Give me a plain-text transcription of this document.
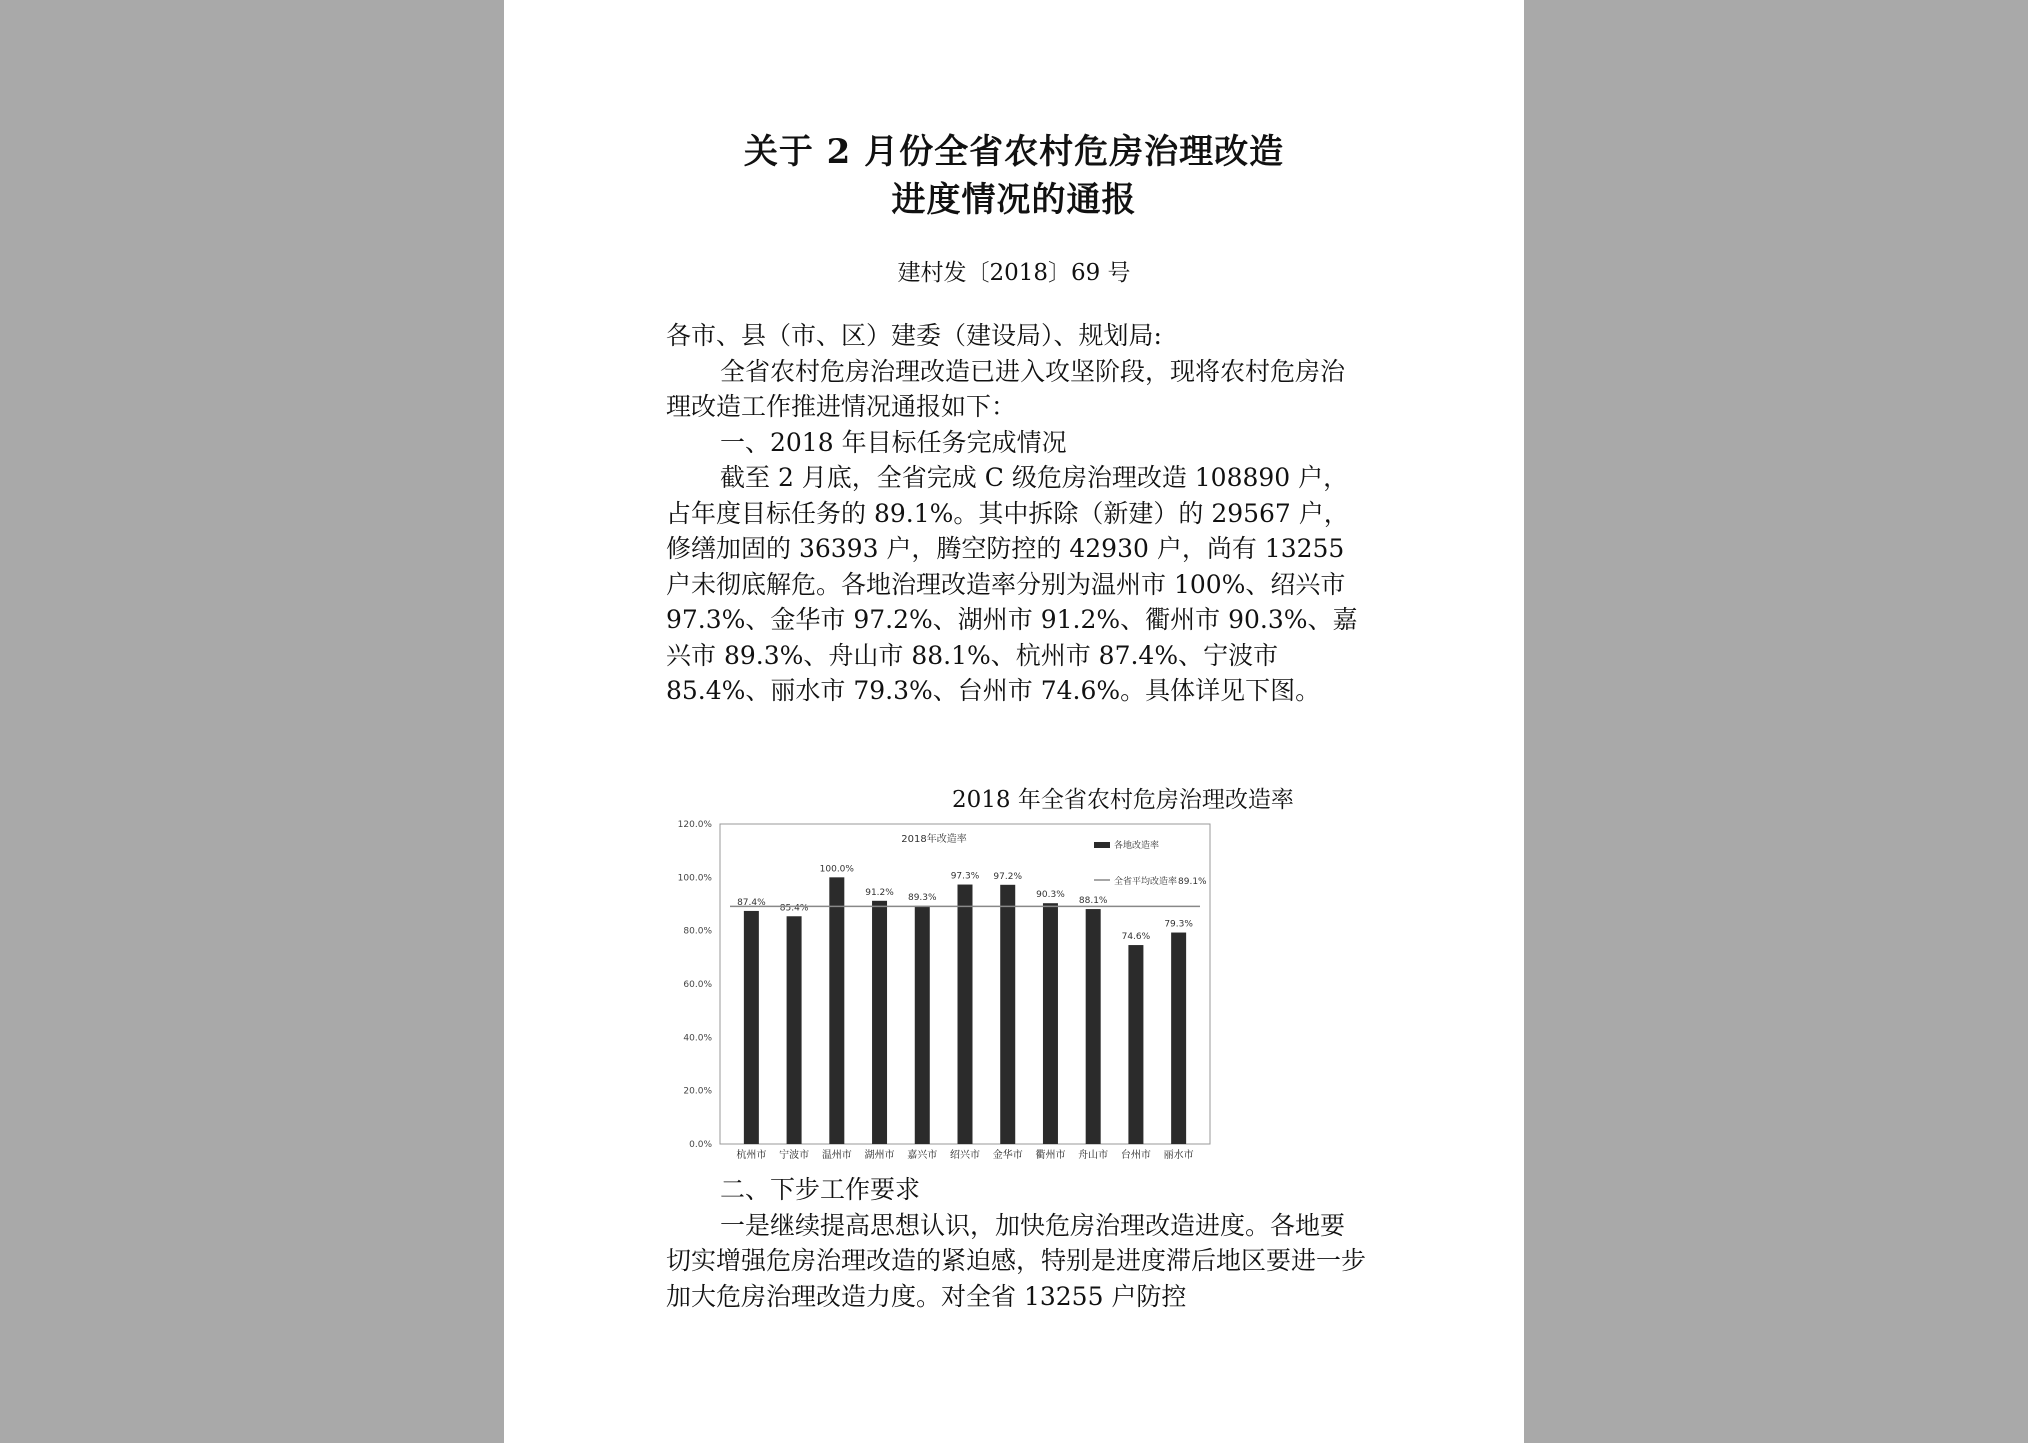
关于 2 月份全省农村危房治理改造
进度情况的通报
建村发〔2018〕69 号

各市、县（市、区）建委（建设局）、规划局:

全省农村危房治理改造已进入攻坚阶段，现将农村危房治理改造工作推进情况通报如下：

一、2018 年目标任务完成情况

截至 2 月底，全省完成 C 级危房治理改造 108890 户，占年度目标任务的 89.1%。其中拆除（新建）的 29567 户，修缮加固的 36393 户，腾空防控的 42930 户，尚有 13255 户未彻底解危。各地治理改造率分别为温州市 100%、绍兴市 97.3%、金华市 97.2%、湖州市 91.2%、衢州市 90.3%、嘉兴市 89.3%、舟山市 88.1%、杭州市 87.4%、宁波市 85.4%、丽水市 79.3%、台州市 74.6%。具体详见下图。

2018 年全省农村危房治理改造率
2018年改造率
各地改造率
全省平均改造率 89.1%
0.0%
20.0%
40.0%
60.0%
80.0%
100.0%
120.0%
87.4%
85.4%
100.0%
91.2%
89.3%
97.3% 97.2%
90.3%
88.1%
74.6%
79.3%
杭州市 宁波市 温州市 湖州市 嘉兴市 绍兴市 金华市 衢州市 舟山市 台州市 丽水市

二、下步工作要求

一是继续提高思想认识，加快危房治理改造进度。各地要切实增强危房治理改造的紧迫感，特别是进度滞后地区要进一步加大危房治理改造力度。对全省 13255 户防控
